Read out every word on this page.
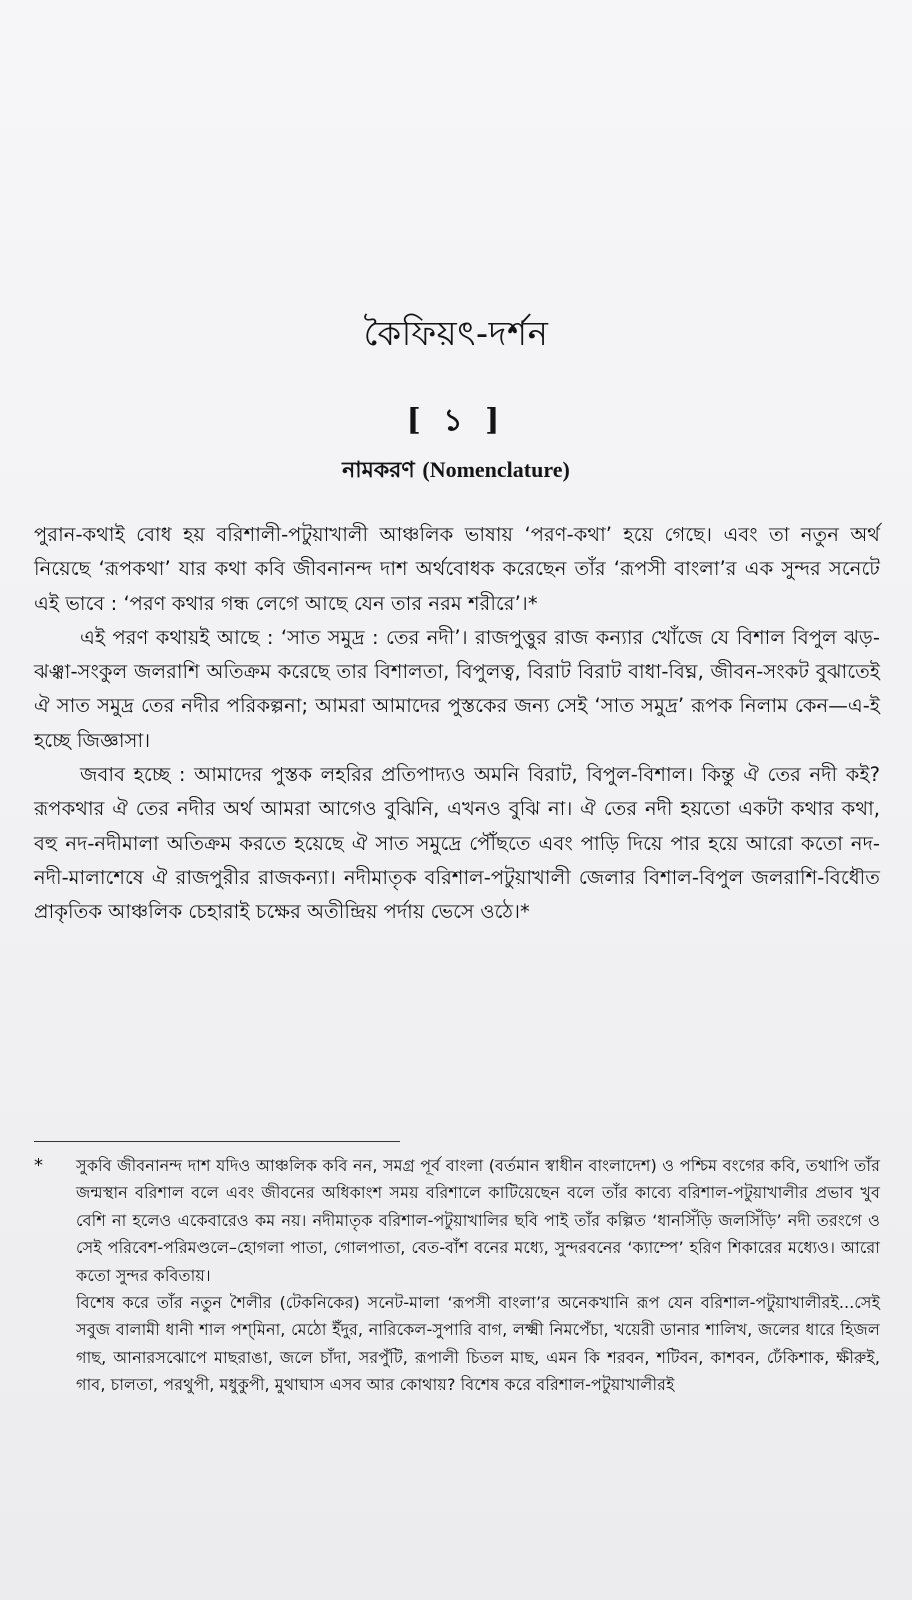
কৈফিয়ৎ-দর্শন
[ ১ ]
নামকরণ (Nomenclature)

পুরান-কথাই বোধ হয় বরিশালী-পটুয়াখালী আঞ্চলিক ভাষায় ‘পরণ-কথা’ হয়ে গেছে। এবং তা নতুন অর্থ নিয়েছে ‘রূপকথা’ যার কথা কবি জীবনানন্দ দাশ অর্থবোধক করেছেন তাঁর ‘রূপসী বাংলা’র এক সুন্দর সনেটে এই ভাবে : ‘পরণ কথার গন্ধ লেগে আছে যেন তার নরম শরীরে’।*

এই পরণ কথায়ই আছে : ‘সাত সমুদ্র : তের নদী’। রাজপুত্তুর রাজ কন্যার খোঁজে যে বিশাল বিপুল ঝড়-ঝঞ্ঝা-সংকুল জলরাশি অতিক্রম করেছে তার বিশালতা, বিপুলত্ব, বিরাট বিরাট বাধা-বিঘ্ন, জীবন-সংকট বুঝাতেই ঐ সাত সমুদ্র তের নদীর পরিকল্পনা; আমরা আমাদের পুস্তকের জন্য সেই ‘সাত সমুদ্র’ রূপক নিলাম কেন—এ-ই হচ্ছে জিজ্ঞাসা।

জবাব হচ্ছে : আমাদের পুস্তক লহরির প্রতিপাদ্যও অমনি বিরাট, বিপুল-বিশাল। কিন্তু ঐ তের নদী কই? রূপকথার ঐ তের নদীর অর্থ আমরা আগেও বুঝিনি, এখনও বুঝি না। ঐ তের নদী হয়তো একটা কথার কথা, বহু নদ-নদীমালা অতিক্রম করতে হয়েছে ঐ সাত সমুদ্রে পৌঁছতে এবং পাড়ি দিয়ে পার হয়ে আরো কতো নদ-নদী-মালাশেষে ঐ রাজপুরীর রাজকন্যা। নদীমাতৃক বরিশাল-পটুয়াখালী জেলার বিশাল-বিপুল জলরাশি-বিধৌত প্রাকৃতিক আঞ্চলিক চেহারাই চক্ষের অতীন্দ্রিয় পর্দায় ভেসে ওঠে।*

* সুকবি জীবনানন্দ দাশ যদিও আঞ্চলিক কবি নন, সমগ্র পূর্ব বাংলা (বর্তমান স্বাধীন বাংলাদেশ) ও পশ্চিম বংগের কবি, তথাপি তাঁর জন্মস্থান বরিশাল বলে এবং জীবনের অধিকাংশ সময় বরিশালে কাটিয়েছেন বলে তাঁর কাব্যে বরিশাল-পটুয়াখালীর প্রভাব খুব বেশি না হলেও একেবারেও কম নয়। নদীমাতৃক বরিশাল-পটুয়াখালির ছবি পাই তাঁর কল্পিত ‘ধানসিঁড়ি জলসিঁড়ি’ নদী তরংগে ও সেই পরিবেশ-পরিমণ্ডলে–হোগলা পাতা, গোলপাতা, বেত-বাঁশ বনের মধ্যে, সুন্দরবনের ‘ক্যাম্পে’ হরিণ শিকারের মধ্যেও। আরো কতো সুন্দর কবিতায়।
বিশেষ করে তাঁর নতুন শৈলীর (টেকনিকের) সনেট-মালা ‘রূপসী বাংলা’র অনেকখানি রূপ যেন বরিশাল-পটুয়াখালীরই...সেই সবুজ বালামী ধানী শাল পশ্‌মিনা, মেঠো ইঁদুর, নারিকেল-সুপারি বাগ, লক্ষ্মী নিমপেঁচা, খয়েরী ডানার শালিখ, জলের ধারে হিজল গাছ, আনারসঝোপে মাছরাঙা, জলে চাঁদা, সরপুঁটি, রূপালী চিতল মাছ, এমন কি শরবন, শটিবন, কাশবন, ঢেঁকিশাক, ক্ষীরুই, গাব, চালতা, পরথুপী, মধুকুপী, মুথাঘাস এসব আর কোথায়? বিশেষ করে বরিশাল-পটুয়াখালীরই
